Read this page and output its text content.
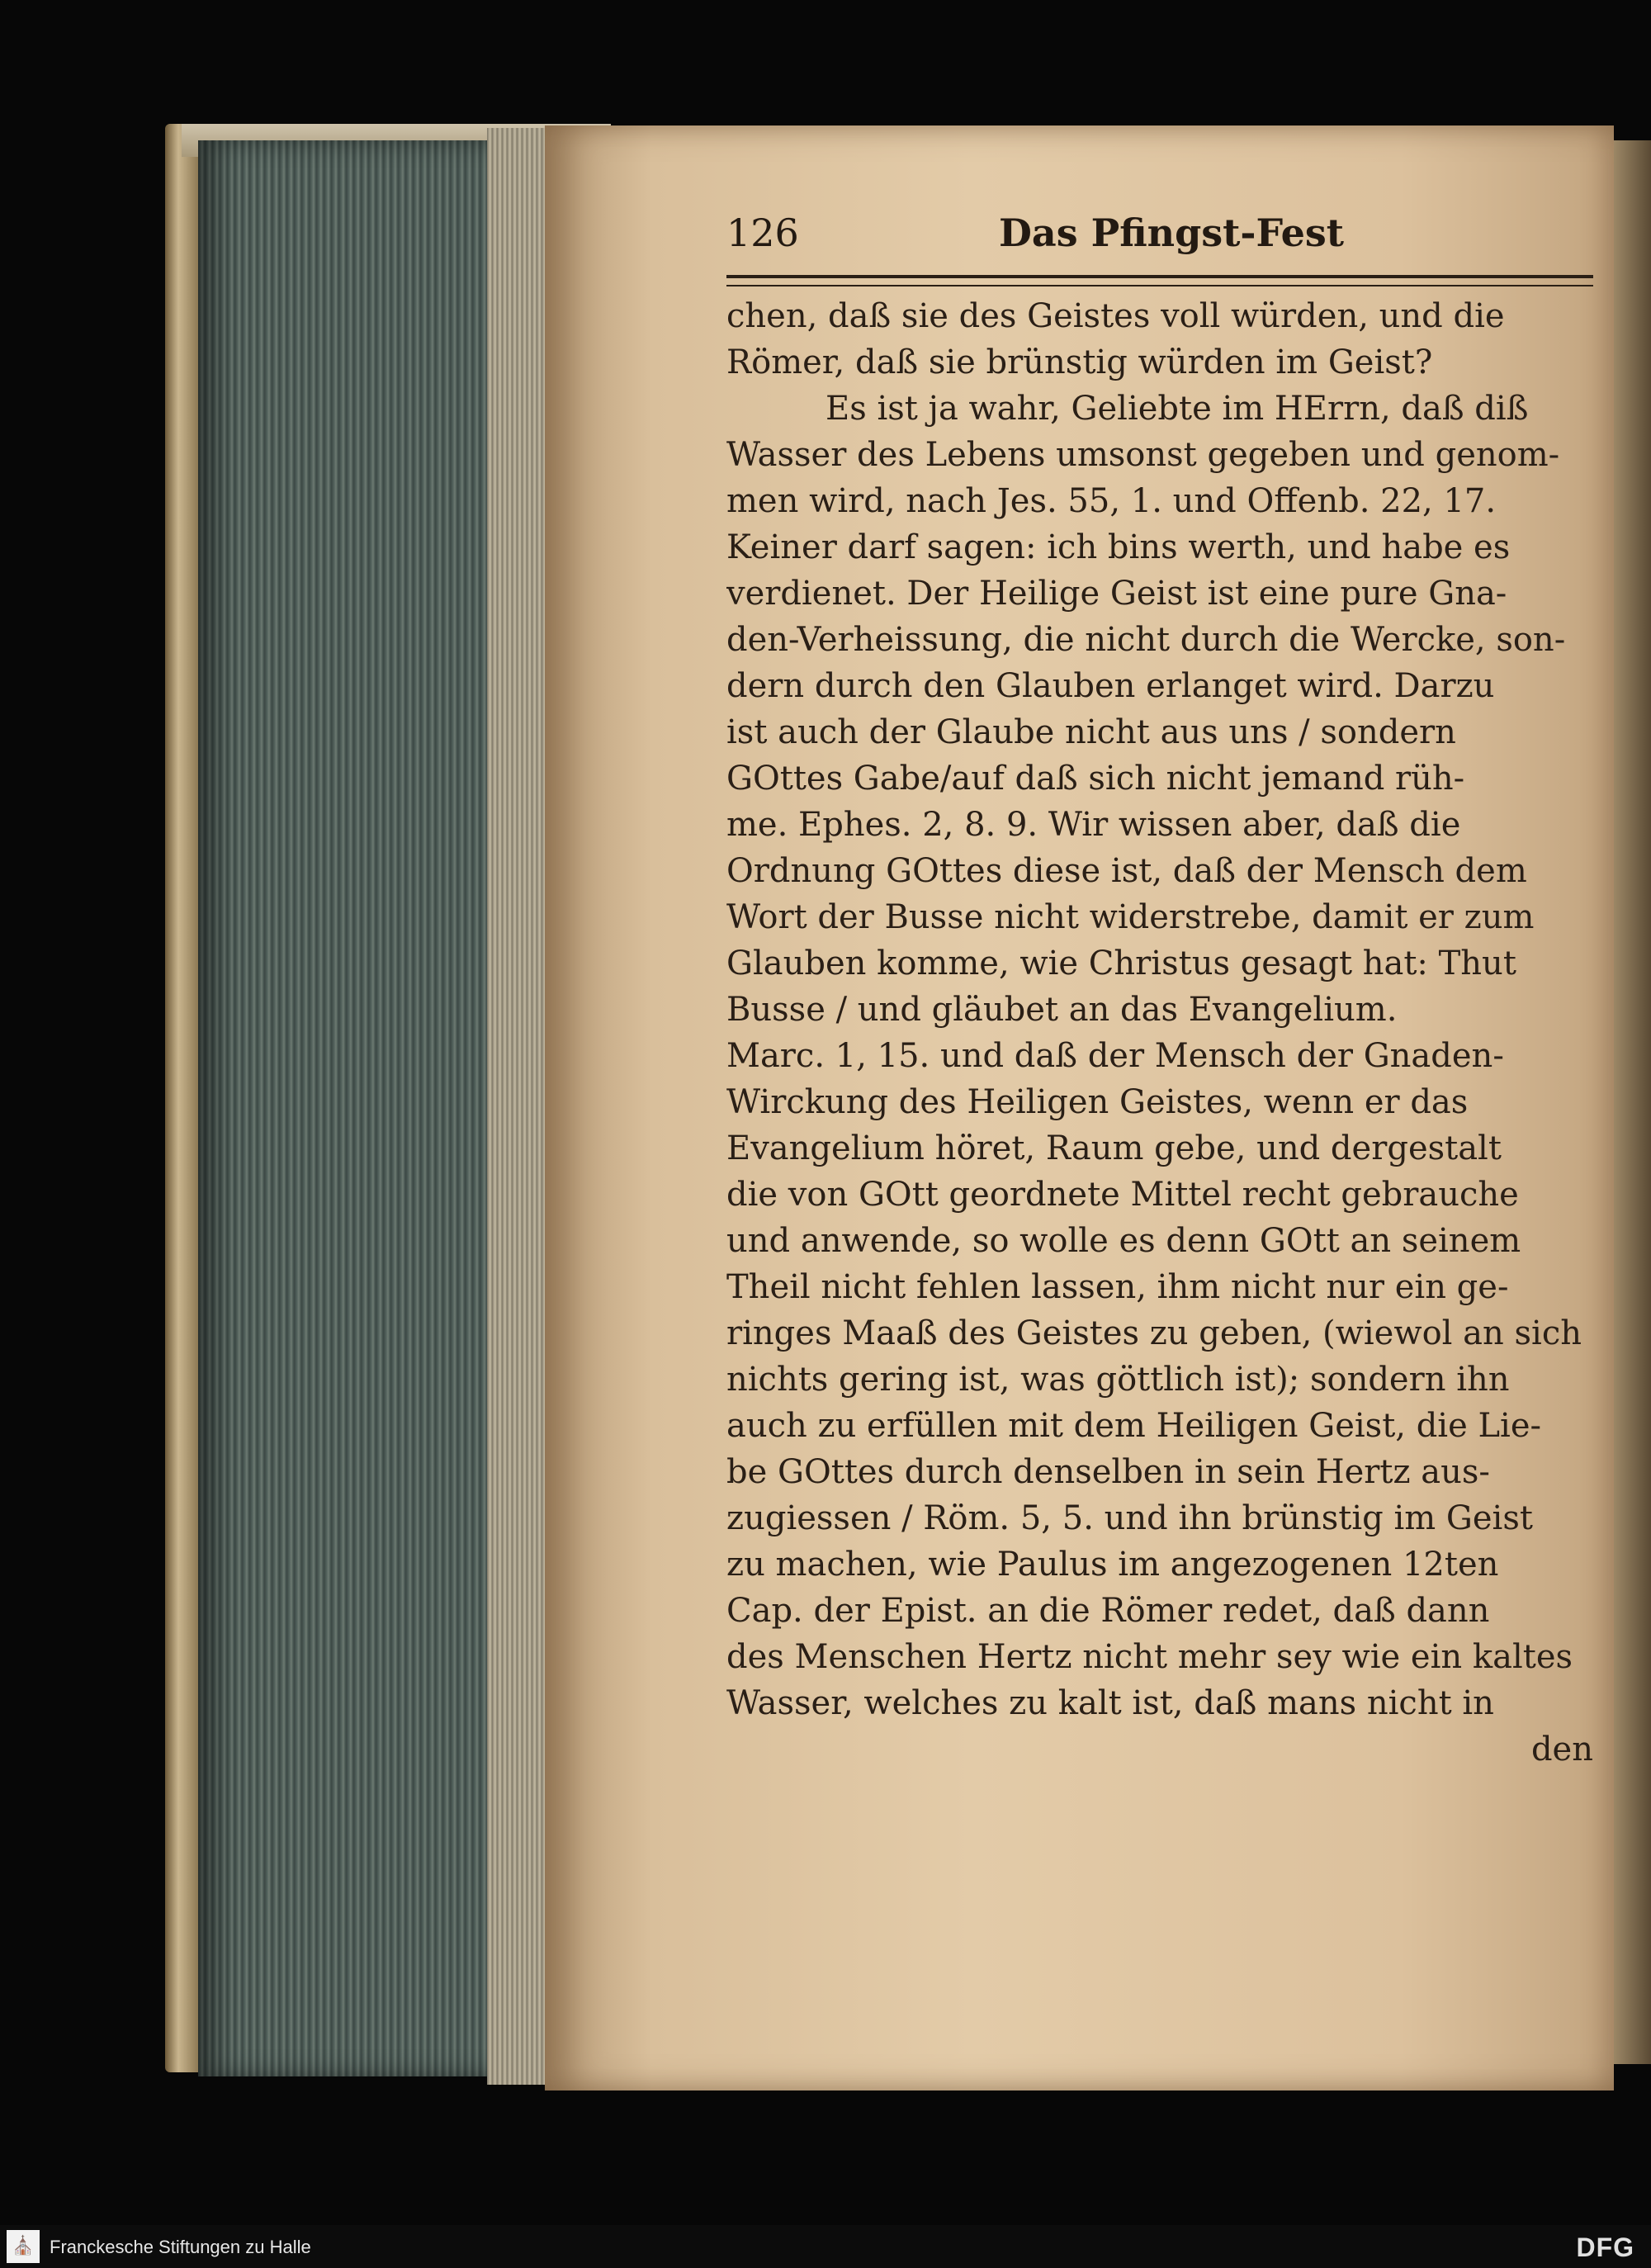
126	Das Pfingst-Fest
chen, daß sie des Geistes voll würden, und die
Römer, daß sie brünstig würden im Geist?
Es ist ja wahr, Geliebte im HErrn, daß diß
Wasser des Lebens umsonst gegeben und genom-
men wird, nach Jes. 55, 1. und Offenb. 22, 17.
Keiner darf sagen: ich bins werth, und habe es
verdienet. Der Heilige Geist ist eine pure Gna-
den-Verheissung, die nicht durch die Wercke, son-
dern durch den Glauben erlanget wird. Darzu
ist auch der Glaube nicht aus uns / sondern
GOttes Gabe/auf daß sich nicht jemand rüh-
me. Ephes. 2, 8. 9. Wir wissen aber, daß die
Ordnung GOttes diese ist, daß der Mensch dem
Wort der Busse nicht widerstrebe, damit er zum
Glauben komme, wie Christus gesagt hat: Thut
Busse / und gläubet an das Evangelium.
Marc. 1, 15. und daß der Mensch der Gnaden-
Wirckung des Heiligen Geistes, wenn er das
Evangelium höret, Raum gebe, und dergestalt
die von GOtt geordnete Mittel recht gebrauche
und anwende, so wolle es denn GOtt an seinem
Theil nicht fehlen lassen, ihm nicht nur ein ge-
ringes Maaß des Geistes zu geben, (wiewol an sich
nichts gering ist, was göttlich ist); sondern ihn
auch zu erfüllen mit dem Heiligen Geist, die Lie-
be GOttes durch denselben in sein Hertz aus-
zugiessen / Röm. 5, 5. und ihn brünstig im Geist
zu machen, wie Paulus im angezogenen 12ten
Cap. der Epist. an die Römer redet, daß dann
des Menschen Hertz nicht mehr sey wie ein kaltes
Wasser, welches zu kalt ist, daß mans nicht in
den
⛪ Franckesche Stiftungen zu Halle	DFG
